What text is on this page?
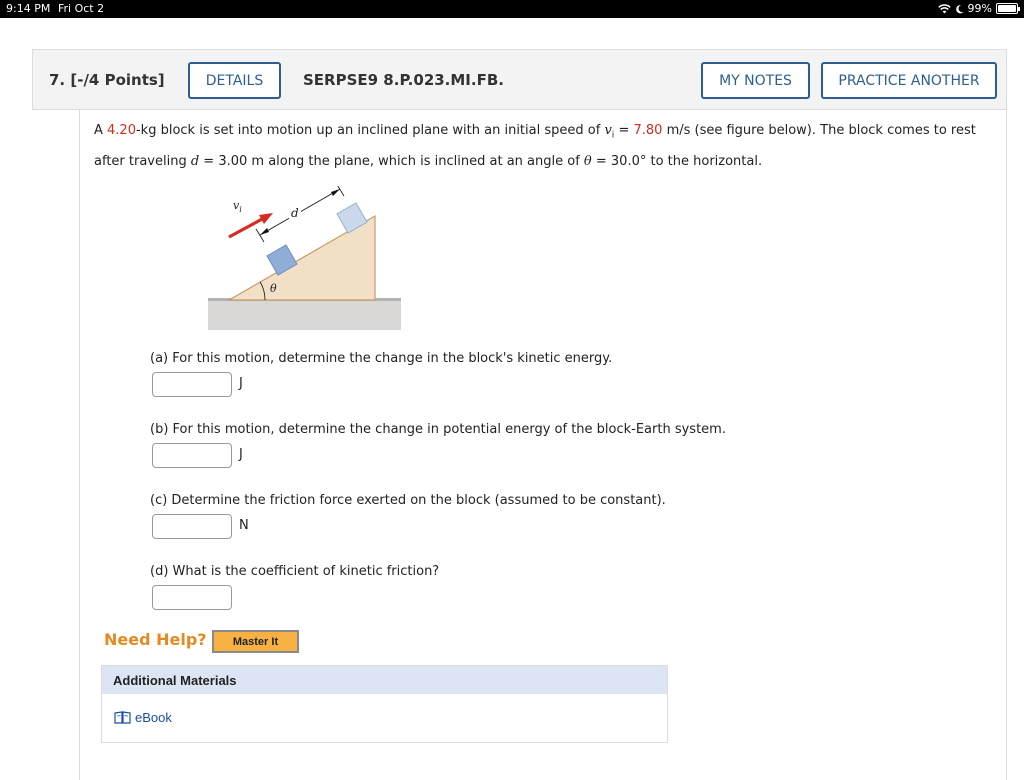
9:14 PM Fri Oct 2	99%
7. [-/4 Points]	DETAILS	SERPSE9 8.P.023.MI.FB.	MY NOTES	PRACTICE ANOTHER

A 4.20-kg block is set into motion up an inclined plane with an initial speed of $v_i = 7.80$ m/s (see figure below). The block comes to rest after traveling d = 3.00 m along the plane, which is inclined at an angle of θ = 30.0° to the horizontal.

d
$v_i$
θ

(a) For this motion, determine the change in the block's kinetic energy.

J

(b) For this motion, determine the change in potential energy of the block-Earth system.

J

(c) Determine the friction force exerted on the block (assumed to be constant).

N

(d) What is the coefficient of kinetic friction?

Need Help?	Master It
Additional Materials
eBook
